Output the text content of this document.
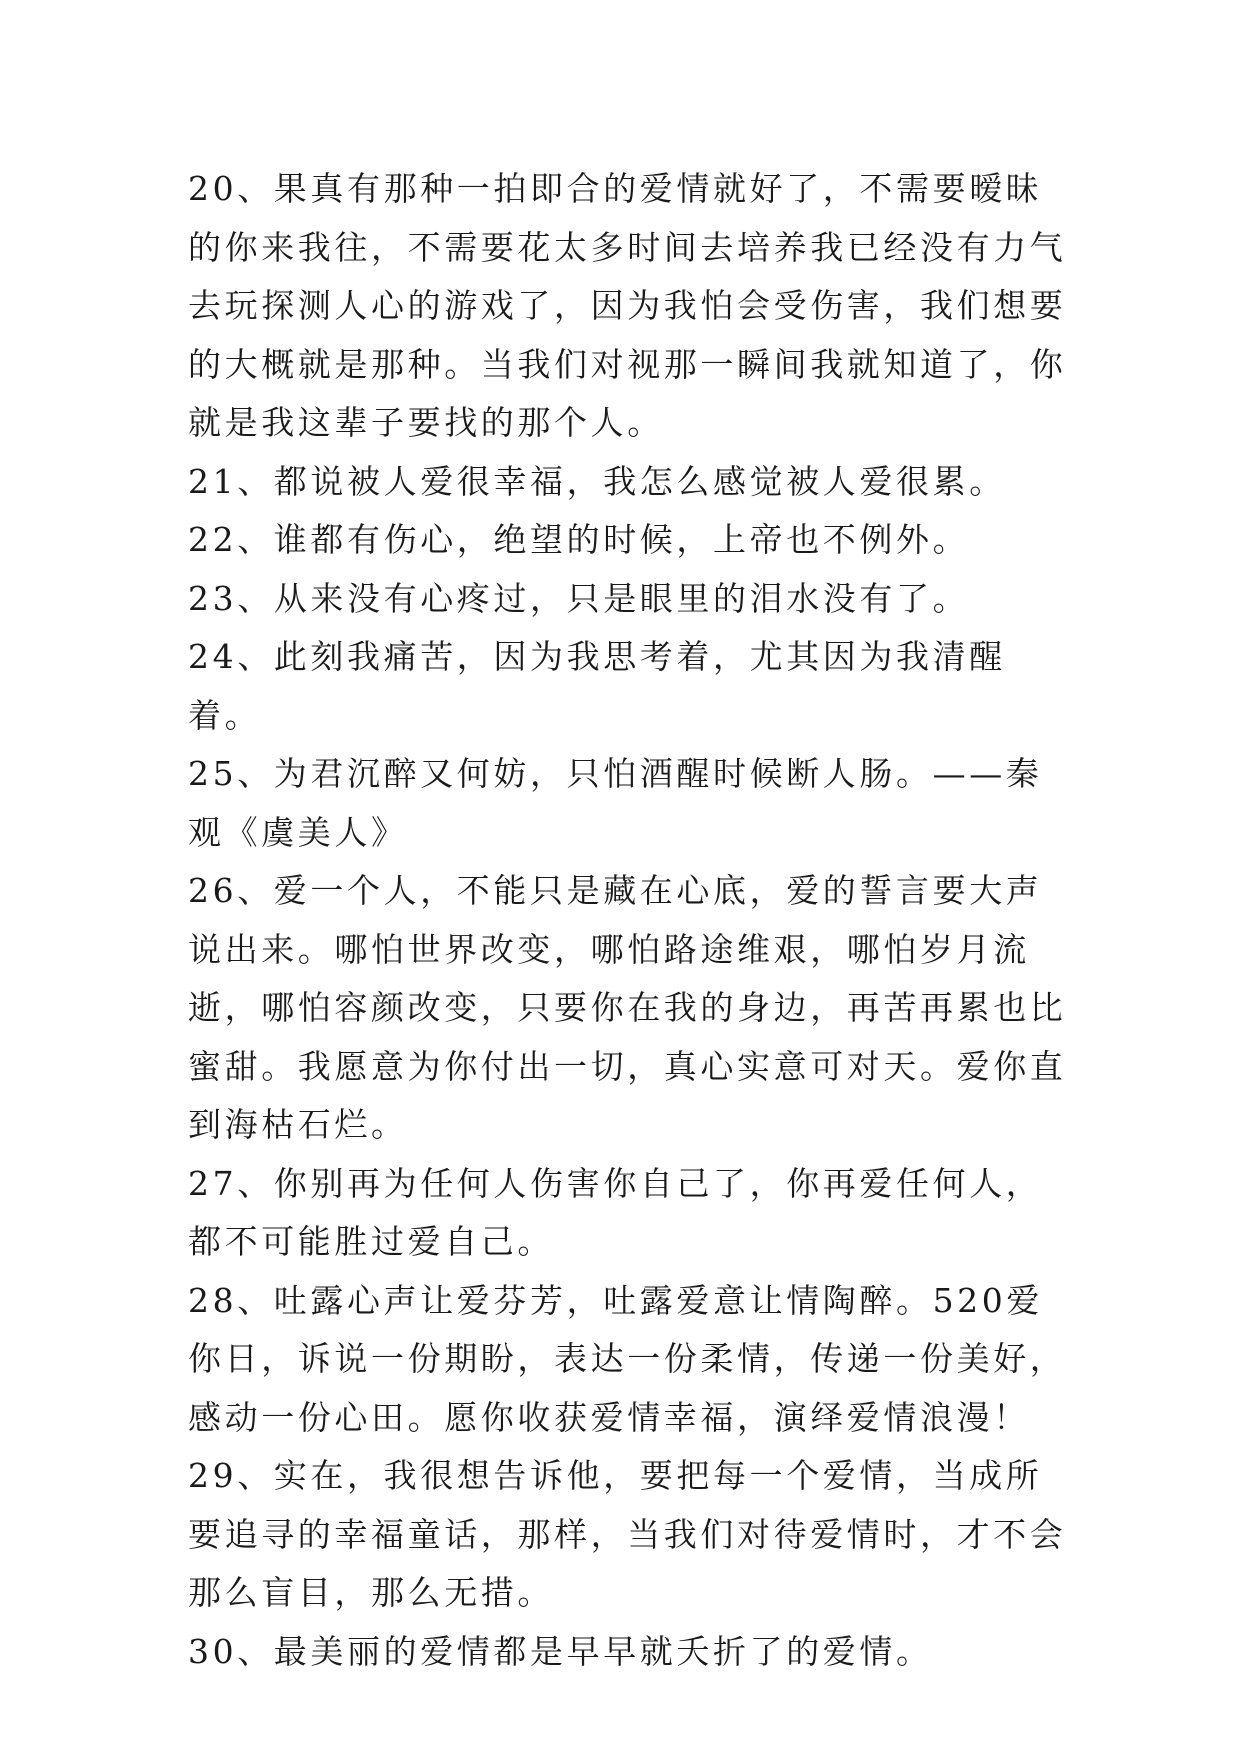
20、果真有那种一拍即合的爱情就好了，不需要暧昧的你来我往，不需要花太多时间去培养我已经没有力气去玩探测人心的游戏了，因为我怕会受伤害，我们想要的大概就是那种。当我们对视那一瞬间我就知道了，你就是我这辈子要找的那个人。

21、都说被人爱很幸福，我怎么感觉被人爱很累。

22、谁都有伤心，绝望的时候，上帝也不例外。

23、从来没有心疼过，只是眼里的泪水没有了。

24、此刻我痛苦，因为我思考着，尤其因为我清醒着。

25、为君沉醉又何妨，只怕酒醒时候断人肠。——秦观《虞美人》

26、爱一个人，不能只是藏在心底，爱的誓言要大声说出来。哪怕世界改变，哪怕路途维艰，哪怕岁月流逝，哪怕容颜改变，只要你在我的身边，再苦再累也比蜜甜。我愿意为你付出一切，真心实意可对天。爱你直到海枯石烂。

27、你别再为任何人伤害你自己了，你再爱任何人，都不可能胜过爱自己。

28、吐露心声让爱芬芳，吐露爱意让情陶醉。520爱你日，诉说一份期盼，表达一份柔情，传递一份美好，感动一份心田。愿你收获爱情幸福，演绎爱情浪漫！

29、实在，我很想告诉他，要把每一个爱情，当成所要追寻的幸福童话，那样，当我们对待爱情时，才不会那么盲目，那么无措。

30、最美丽的爱情都是早早就夭折了的爱情。
